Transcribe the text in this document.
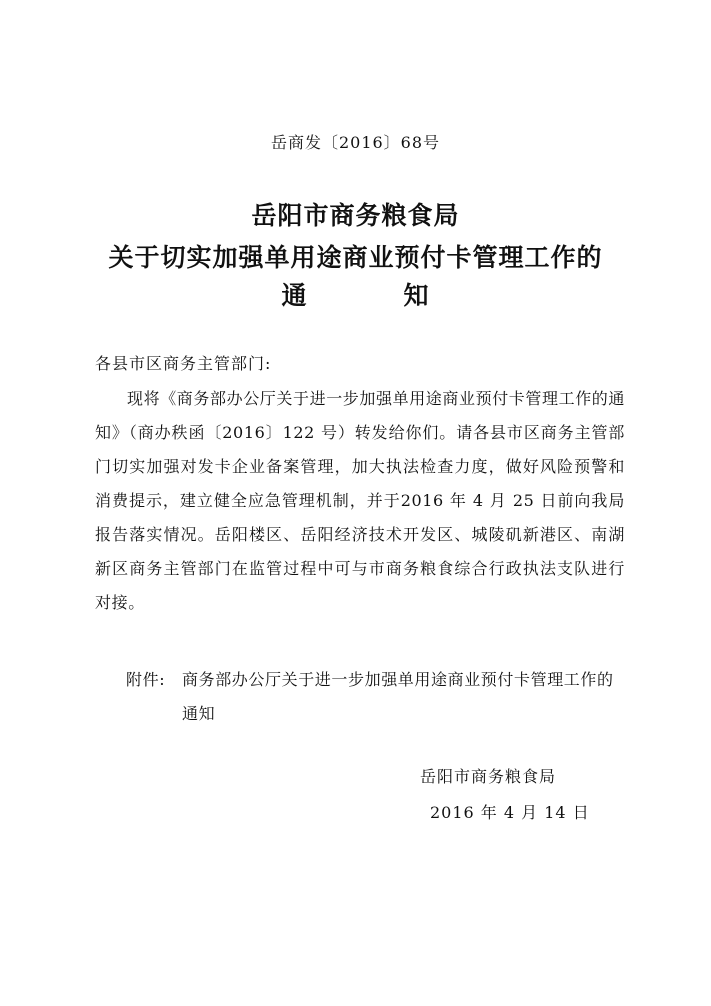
岳商发〔2016〕68号
岳阳市商务粮食局
关于切实加强单用途商业预付卡管理工作的
通	知
各县市区商务主管部门:

现将《商务部办公厅关于进一步加强单用途商业预付卡管理工作的通知》（商办秩函〔2016〕122 号）转发给你们。请各县市区商务主管部门切实加强对发卡企业备案管理，加大执法检查力度，做好风险预警和消费提示，建立健全应急管理机制，并于2016 年 4 月 25 日前向我局报告落实情况。岳阳楼区、岳阳经济技术开发区、城陵矶新港区、南湖新区商务主管部门在监管过程中可与市商务粮食综合行政执法支队进行对接。

附件:	商务部办公厅关于进一步加强单用途商业预付卡管理工作的通知
岳阳市商务粮食局
2016 年 4 月 14 日
